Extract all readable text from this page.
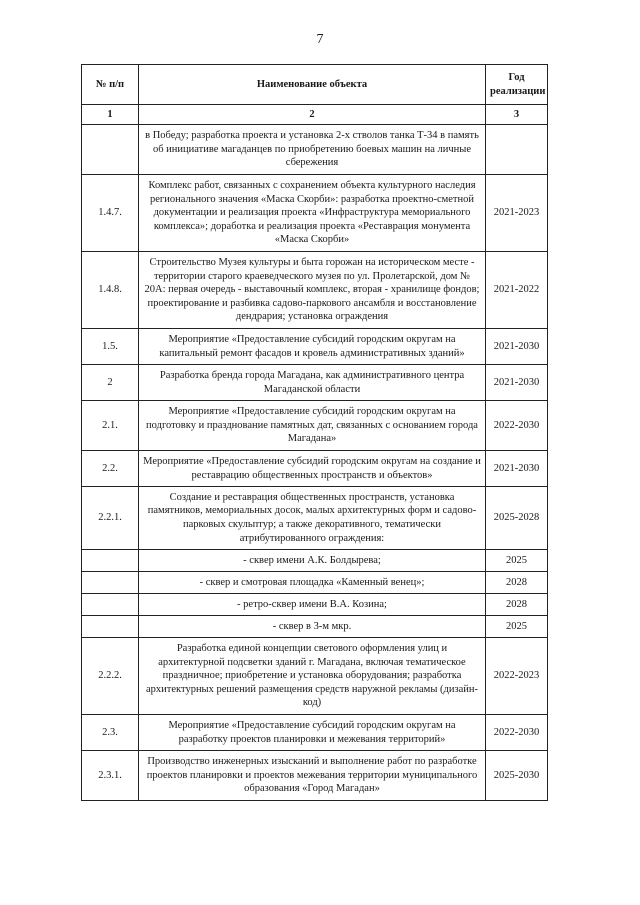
7
№ п/п	Наименование объекта	Год реализации
1	2	3
	в Победу; разработка проекта и установка 2-х стволов танка Т-34 в память об инициативе магаданцев по приобретению боевых машин на личные сбережения	
1.4.7.	Комплекс работ, связанных с сохранением объекта культурного наследия регионального значения «Маска Скорби»: разработка проектно-сметной документации и реализация проекта «Инфраструктура мемориального комплекса»; доработка и реализация проекта «Реставрация монумента «Маска Скорби»	2021-2023
1.4.8.	Строительство Музея культуры и быта горожан на историческом месте - территории старого краеведческого музея по ул. Пролетарской, дом № 20А: первая очередь - выставочный комплекс, вторая - хранилище фондов; проектирование и разбивка садово-паркового ансамбля и восстановление дендрария; установка ограждения	2021-2022
1.5.	Мероприятие «Предоставление субсидий городским округам на капитальный ремонт фасадов и кровель административных зданий»	2021-2030
2	Разработка бренда города Магадана, как административного центра Магаданской области	2021-2030
2.1.	Мероприятие «Предоставление субсидий городским округам на подготовку и празднование памятных дат, связанных с основанием города Магадана»	2022-2030
2.2.	Мероприятие «Предоставление субсидий городским округам на создание и реставрацию общественных пространств и объектов»	2021-2030
2.2.1.	Создание и реставрация общественных пространств, установка памятников, мемориальных досок, малых архитектурных форм и садово-парковых скульптур; а также декоративного, тематически атрибутированного ограждения:	2025-2028
	- сквер имени А.К. Болдырева;	2025
	- сквер и смотровая площадка «Каменный венец»;	2028
	- ретро-сквер имени В.А. Козина;	2028
	- сквер в 3-м мкр.	2025
2.2.2.	Разработка единой концепции светового оформления улиц и архитектурной подсветки зданий г. Магадана, включая тематическое праздничное; приобретение и установка оборудования; разработка архитектурных решений размещения средств наружной рекламы (дизайн-код)	2022-2023
2.3.	Мероприятие «Предоставление субсидий городским округам на разработку проектов планировки и межевания территорий»	2022-2030
2.3.1.	Производство инженерных изысканий и выполнение работ по разработке проектов планировки и проектов межевания территории муниципального образования «Город Магадан»	2025-2030
